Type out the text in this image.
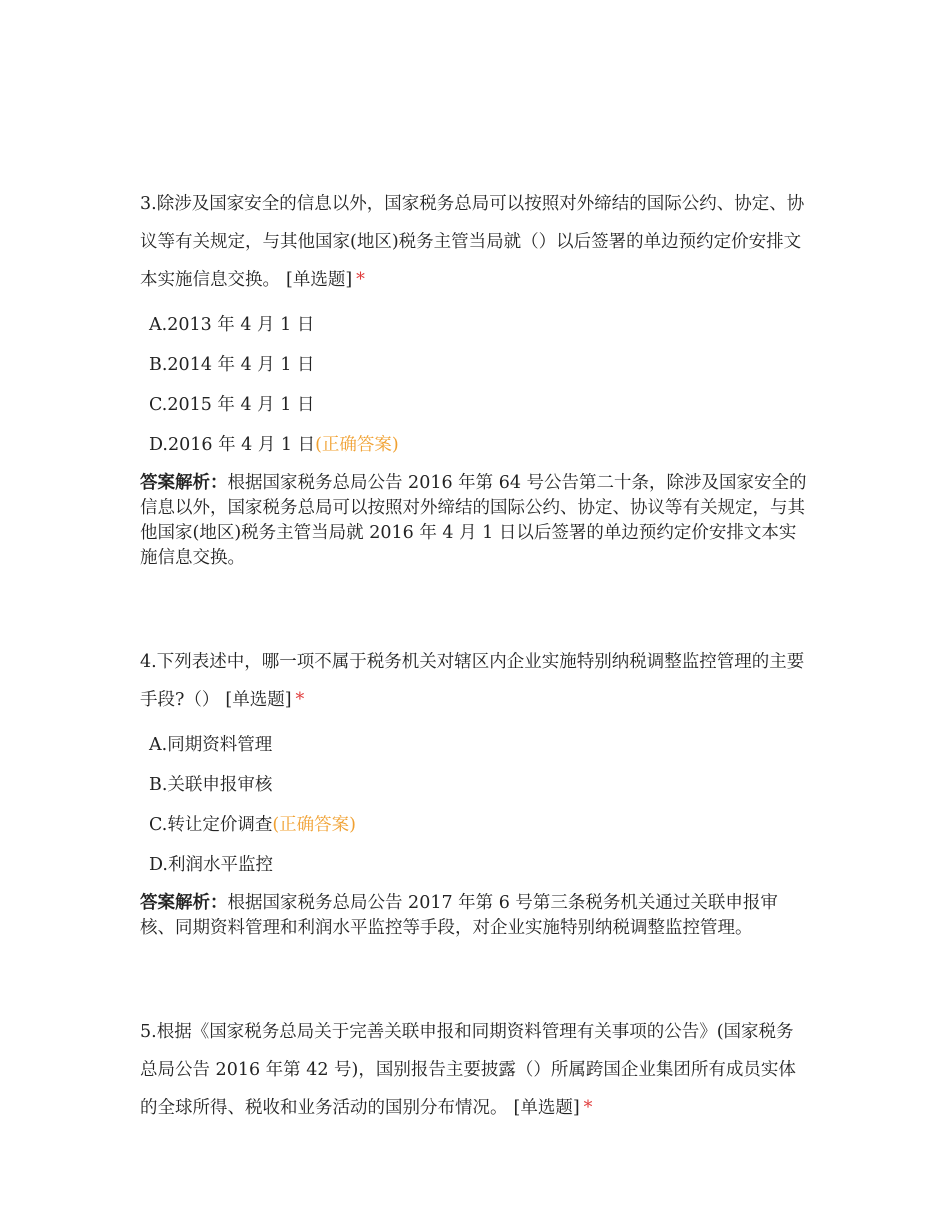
3.除涉及国家安全的信息以外，国家税务总局可以按照对外缔结的国际公约、协定、协议等有关规定，与其他国家(地区)税务主管当局就（）以后签署的单边预约定价安排文本实施信息交换。 [单选题] *

A.2013 年 4 月 1 日
B.2014 年 4 月 1 日
C.2015 年 4 月 1 日
D.2016 年 4 月 1 日(正确答案)

答案解析：根据国家税务总局公告 2016 年第 64 号公告第二十条，除涉及国家安全的信息以外，国家税务总局可以按照对外缔结的国际公约、协定、协议等有关规定，与其他国家(地区)税务主管当局就 2016 年 4 月 1 日以后签署的单边预约定价安排文本实施信息交换。

4.下列表述中，哪一项不属于税务机关对辖区内企业实施特别纳税调整监控管理的主要手段?（） [单选题] *

A.同期资料管理
B.关联申报审核
C.转让定价调查(正确答案)
D.利润水平监控

答案解析：根据国家税务总局公告 2017 年第 6 号第三条税务机关通过关联申报审核、同期资料管理和利润水平监控等手段，对企业实施特别纳税调整监控管理。

5.根据《国家税务总局关于完善关联申报和同期资料管理有关事项的公告》(国家税务总局公告 2016 年第 42 号)，国别报告主要披露（）所属跨国企业集团所有成员实体的全球所得、税收和业务活动的国别分布情况。 [单选题] *
